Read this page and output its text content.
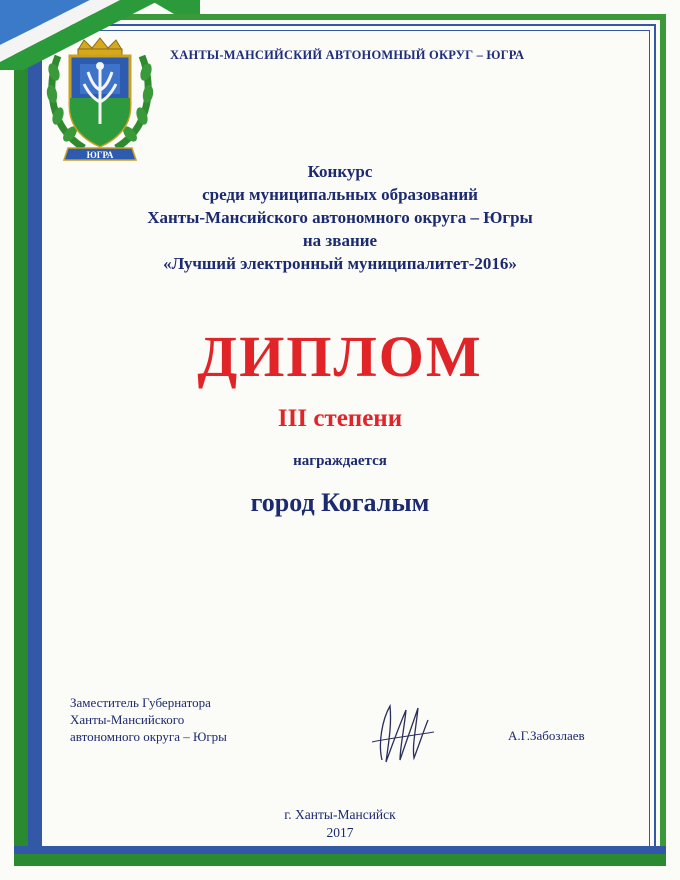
ЮГРА
ХАНТЫ-МАНСИЙСКИЙ АВТОНОМНЫЙ ОКРУГ – ЮГРА
Конкурс
среди муниципальных образований
Ханты-Мансийского автономного округа – Югры
на звание
«Лучший электронный муниципалитет-2016»
ДИПЛОМ
III степени
награждается
город Когалым
Заместитель Губернатора
Ханты-Мансийского
автономного округа – Югры	А.Г.Забозлаев
г. Ханты-Мансийск
2017
